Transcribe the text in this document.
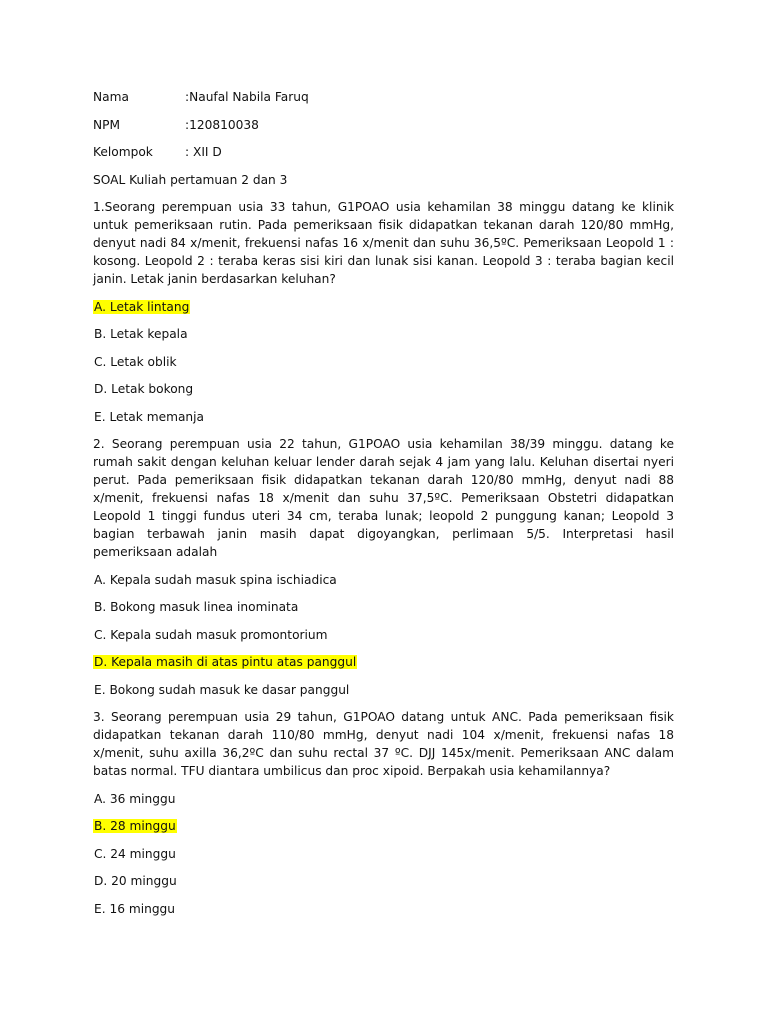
Nama	:Naufal Nabila Faruq
NPM	:120810038
Kelompok	: XII D

SOAL Kuliah pertamuan 2 dan 3

1.Seorang perempuan usia 33 tahun, G1POAO usia kehamilan 38 minggu datang ke klinik untuk pemeriksaan rutin. Pada pemeriksaan fisik didapatkan tekanan darah 120/80 mmHg, denyut nadi 84 x/menit, frekuensi nafas 16 x/menit dan suhu 36,5ºC. Pemeriksaan Leopold 1 : kosong. Leopold 2 : teraba keras sisi kiri dan lunak sisi kanan. Leopold 3 : teraba bagian kecil janin. Letak janin berdasarkan keluhan?

A. Letak lintang
B. Letak kepala
C. Letak oblik
D. Letak bokong
E. Letak memanja

2. Seorang perempuan usia 22 tahun, G1POAO usia kehamilan 38/39 minggu. datang ke rumah sakit dengan keluhan keluar lender darah sejak 4 jam yang lalu. Keluhan disertai nyeri perut. Pada pemeriksaan fisik didapatkan tekanan darah 120/80 mmHg, denyut nadi 88 x/menit, frekuensi nafas 18 x/menit dan suhu 37,5ºC. Pemeriksaan Obstetri didapatkan Leopold 1 tinggi fundus uteri 34 cm, teraba lunak; leopold 2 punggung kanan; Leopold 3 bagian terbawah janin masih dapat digoyangkan, perlimaan 5/5. Interpretasi hasil pemeriksaan adalah

A. Kepala sudah masuk spina ischiadica
B. Bokong masuk linea inominata
C. Kepala sudah masuk promontorium
D. Kepala masih di atas pintu atas panggul
E. Bokong sudah masuk ke dasar panggul

3. Seorang perempuan usia 29 tahun, G1POAO datang untuk ANC. Pada pemeriksaan fisik didapatkan tekanan darah 110/80 mmHg, denyut nadi 104 x/menit, frekuensi nafas 18 x/menit, suhu axilla 36,2ºC dan suhu rectal 37 ºC. DJJ 145x/menit. Pemeriksaan ANC dalam batas normal. TFU diantara umbilicus dan proc xipoid. Berpakah usia kehamilannya?

A. 36 minggu
B. 28 minggu
C. 24 minggu
D. 20 minggu
E. 16 minggu
